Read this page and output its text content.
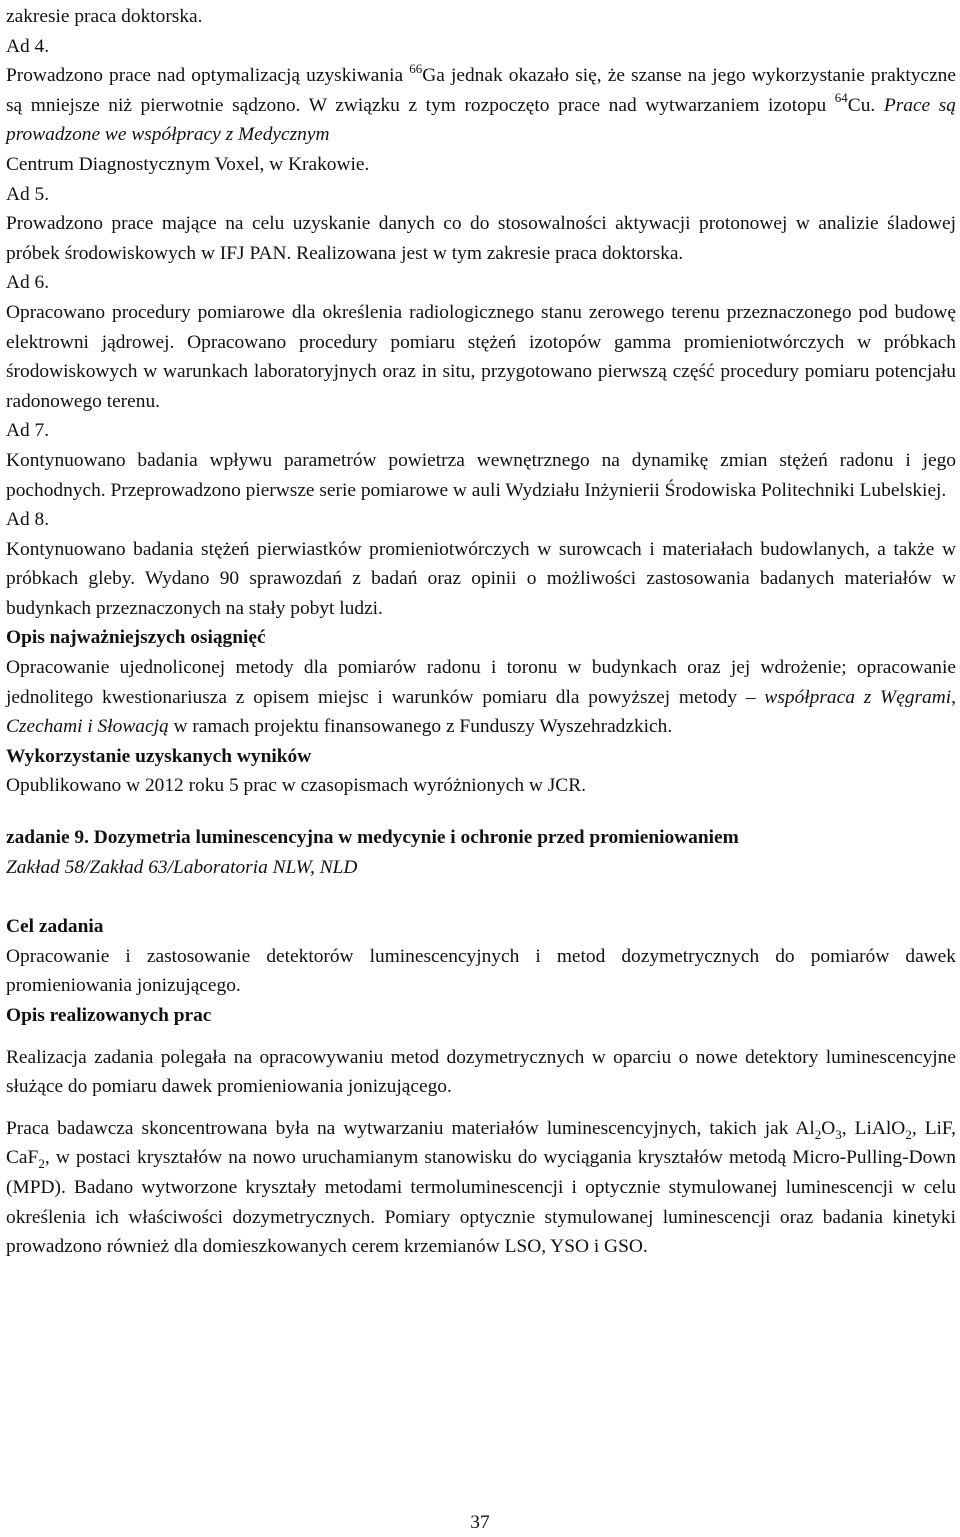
zakresie praca doktorska.

Ad 4.

Prowadzono prace nad optymalizacją uzyskiwania $^{66}$Ga jednak okazało się, że szanse na jego wykorzystanie praktyczne są mniejsze niż pierwotnie sądzono. W związku z tym rozpoczęto prace nad wytwarzaniem izotopu $^{64}$Cu. Prace są prowadzone we współpracy z Medycznym

Centrum Diagnostycznym Voxel, w Krakowie.

Ad 5.

Prowadzono prace mające na celu uzyskanie danych co do stosowalności aktywacji protonowej w analizie śladowej próbek środowiskowych w IFJ PAN. Realizowana jest w tym zakresie praca doktorska.

Ad 6.

Opracowano procedury pomiarowe dla określenia radiologicznego stanu zerowego terenu przeznaczonego pod budowę elektrowni jądrowej. Opracowano procedury pomiaru stężeń izotopów gamma promieniotwórczych w próbkach środowiskowych w warunkach laboratoryjnych oraz in situ, przygotowano pierwszą część procedury pomiaru potencjału radonowego terenu.

Ad 7.

Kontynuowano badania wpływu parametrów powietrza wewnętrznego na dynamikę zmian stężeń radonu i jego pochodnych. Przeprowadzono pierwsze serie pomiarowe w auli Wydziału Inżynierii Środowiska Politechniki Lubelskiej.

Ad 8.

Kontynuowano badania stężeń pierwiastków promieniotwórczych w surowcach i materiałach budowlanych, a także w próbkach gleby. Wydano 90 sprawozdań z badań oraz opinii o możliwości zastosowania badanych materiałów w budynkach przeznaczonych na stały pobyt ludzi.

Opis najważniejszych osiągnięć

Opracowanie ujednoliconej metody dla pomiarów radonu i toronu w budynkach oraz jej wdrożenie; opracowanie jednolitego kwestionariusza z opisem miejsc i warunków pomiaru dla powyższej metody – współpraca z Węgrami, Czechami i Słowacją w ramach projektu finansowanego z Funduszy Wyszehradzkich.

Wykorzystanie uzyskanych wyników

Opublikowano w 2012 roku 5 prac w czasopismach wyróżnionych w JCR.

zadanie 9. Dozymetria luminescencyjna w medycynie i ochronie przed promieniowaniem

Zakład 58/Zakład 63/Laboratoria NLW, NLD

Cel zadania

Opracowanie i zastosowanie detektorów luminescencyjnych i metod dozymetrycznych do pomiarów dawek promieniowania jonizującego.

Opis realizowanych prac

Realizacja zadania polegała na opracowywaniu metod dozymetrycznych w oparciu o nowe detektory luminescencyjne służące do pomiaru dawek promieniowania jonizującego.

Praca badawcza skoncentrowana była na wytwarzaniu materiałów luminescencyjnych, takich jak $Al_2O_3$, LiAlO$_2$, LiF, CaF$_2$, w postaci kryształów na nowo uruchamianym stanowisku do wyciągania kryształów metodą Micro-Pulling-Down (MPD). Badano wytworzone kryształy metodami termoluminescencji i optycznie stymulowanej luminescencji w celu określenia ich właściwości dozymetrycznych. Pomiary optycznie stymulowanej luminescencji oraz badania kinetyki prowadzono również dla domieszkowanych cerem krzemianów LSO, YSO i GSO.

37
